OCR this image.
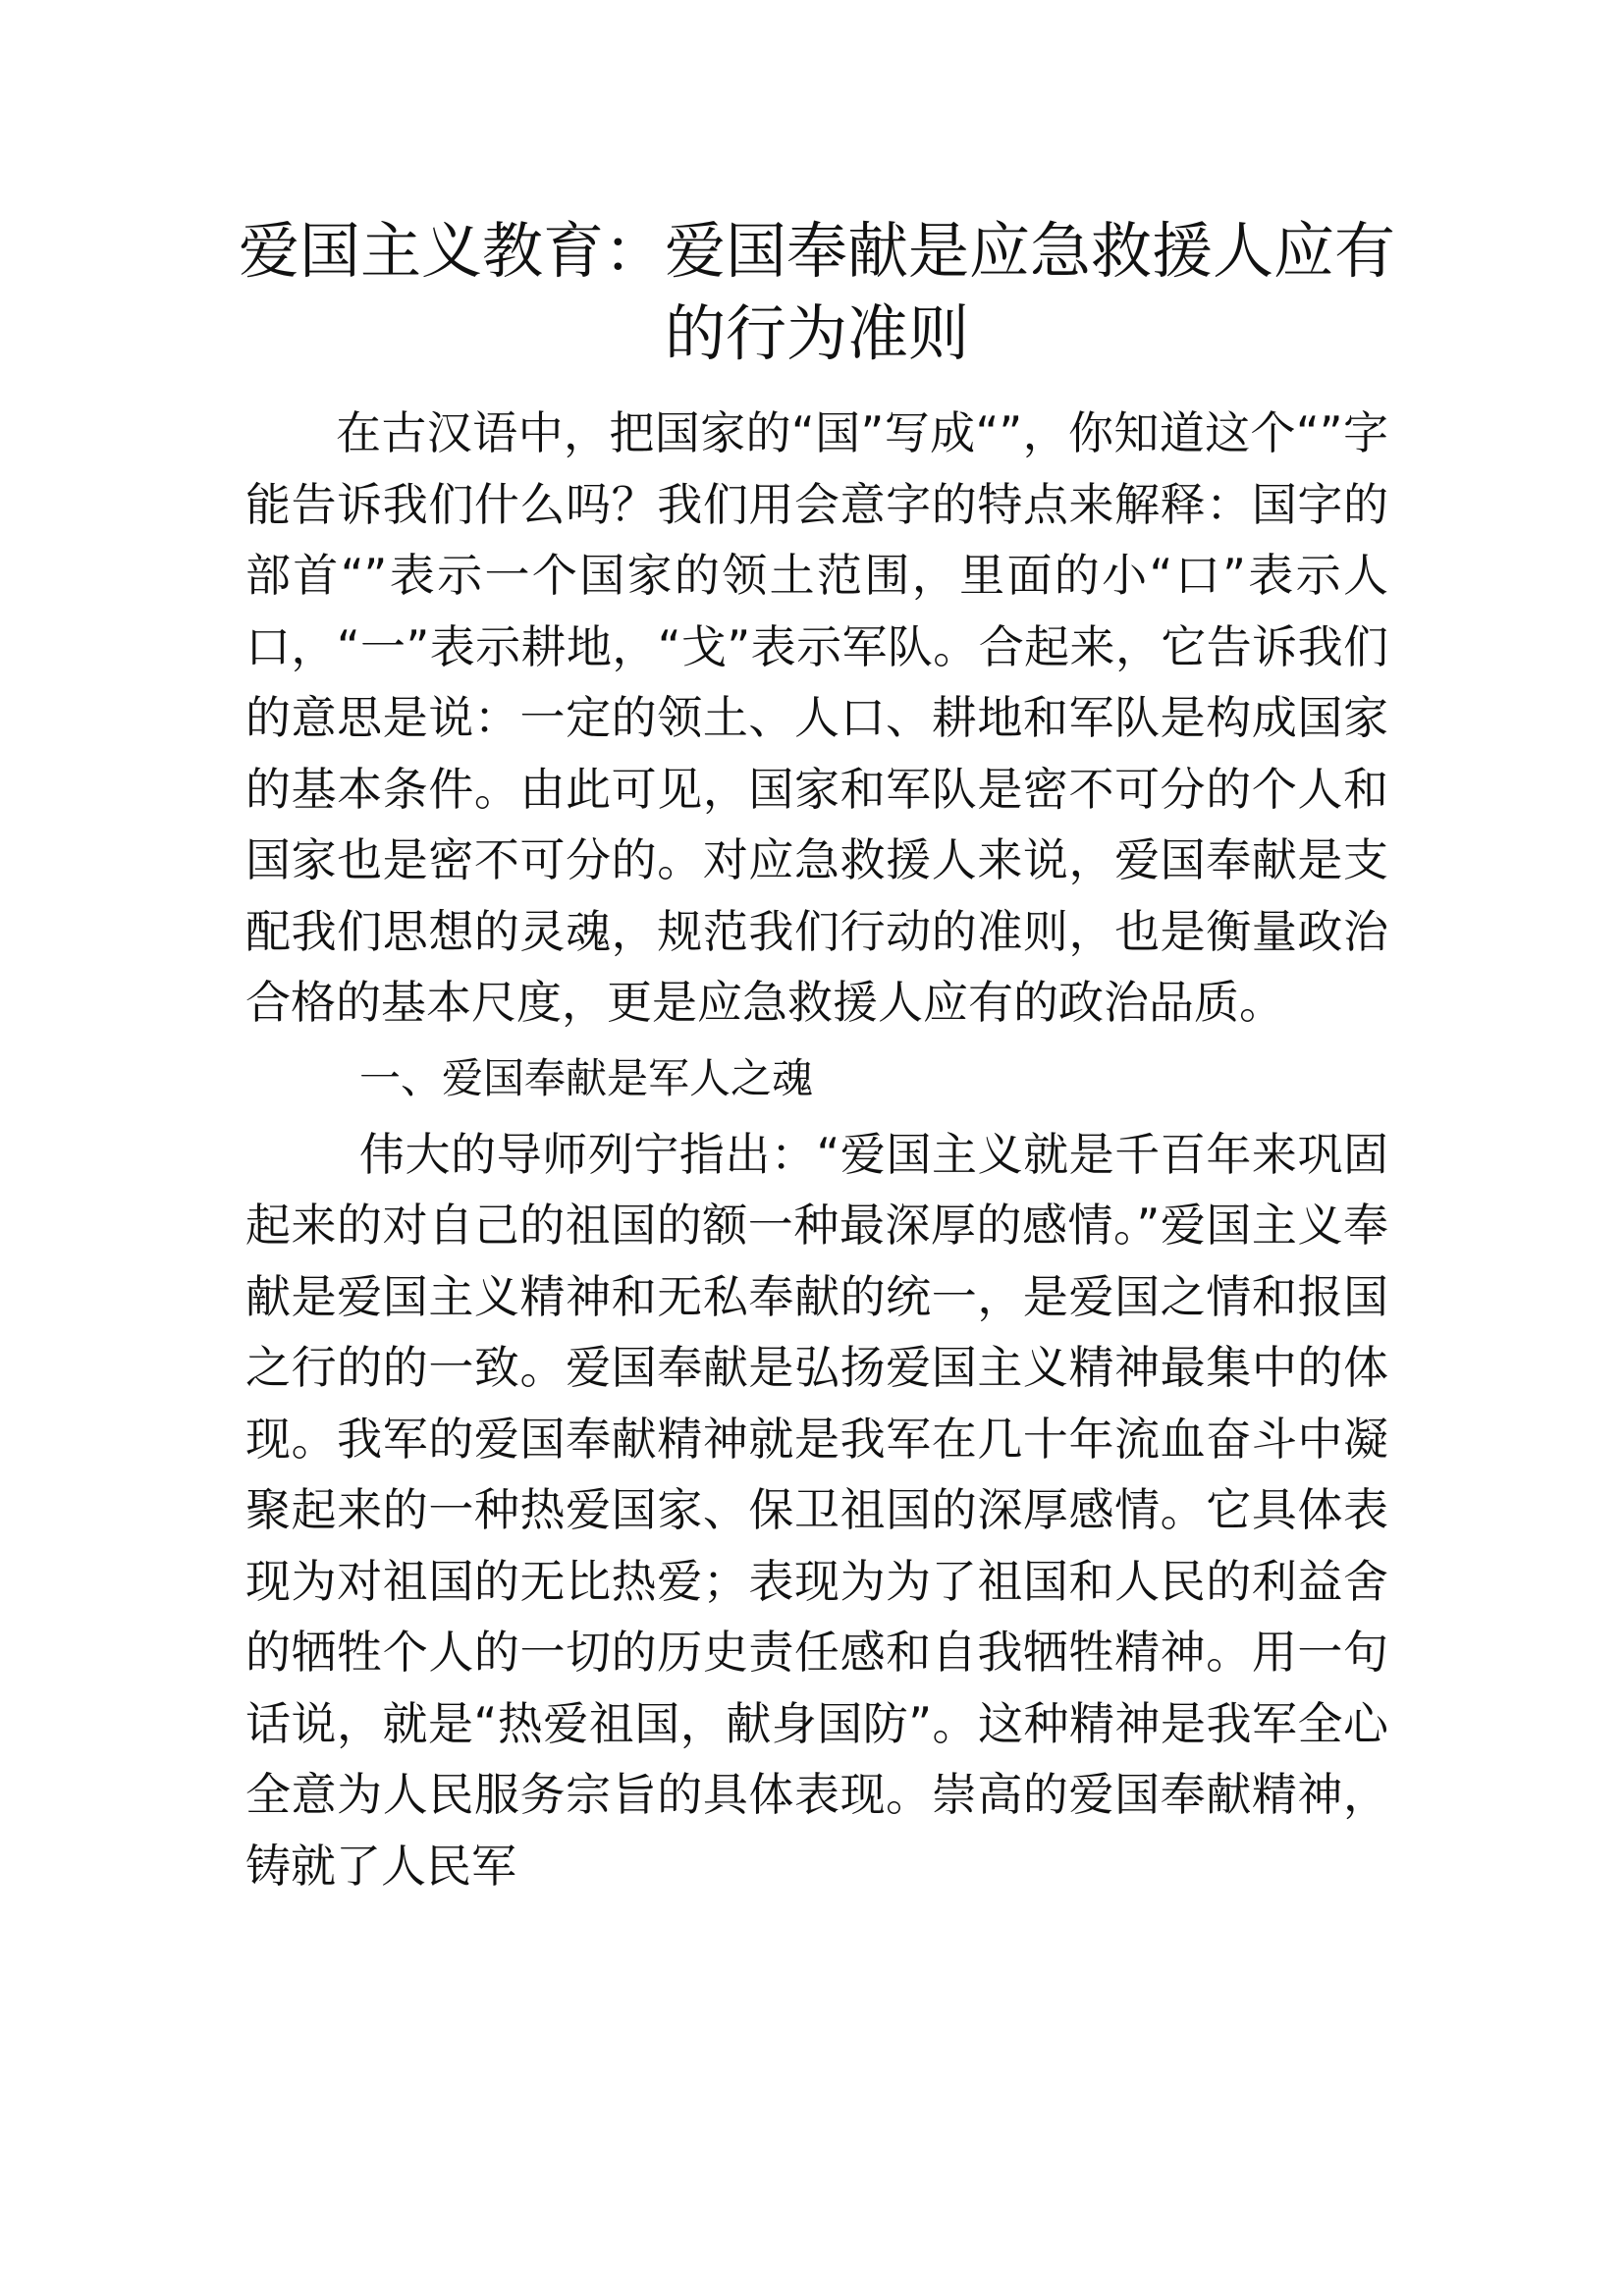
爱国主义教育：爱国奉献是应急救援人应有的行为准则

在古汉语中，把国家的“国”写成“”，你知道这个“”字能告诉我们什么吗？我们用会意字的特点来解释：国字的部首“”表示一个国家的领土范围，里面的小“口”表示人口，“一”表示耕地，“戈”表示军队。合起来，它告诉我们的意思是说：一定的领土、人口、耕地和军队是构成国家的基本条件。由此可见，国家和军队是密不可分的个人和国家也是密不可分的。对应急救援人来说，爱国奉献是支配我们思想的灵魂，规范我们行动的准则，也是衡量政治合格的基本尺度，更是应急救援人应有的政治品质。

一、爱国奉献是军人之魂

伟大的导师列宁指出：“爱国主义就是千百年来巩固起来的对自己的祖国的额一种最深厚的感情。”爱国主义奉献是爱国主义精神和无私奉献的统一，是爱国之情和报国之行的的一致。爱国奉献是弘扬爱国主义精神最集中的体现。我军的爱国奉献精神就是我军在几十年流血奋斗中凝聚起来的一种热爱国家、保卫祖国的深厚感情。它具体表现为对祖国的无比热爱；表现为为了祖国和人民的利益舍的牺牲个人的一切的历史责任感和自我牺牲精神。用一句话说，就是“热爱祖国，献身国防”。这种精神是我军全心全意为人民服务宗旨的具体表现。崇高的爱国奉献精神，铸就了人民军
